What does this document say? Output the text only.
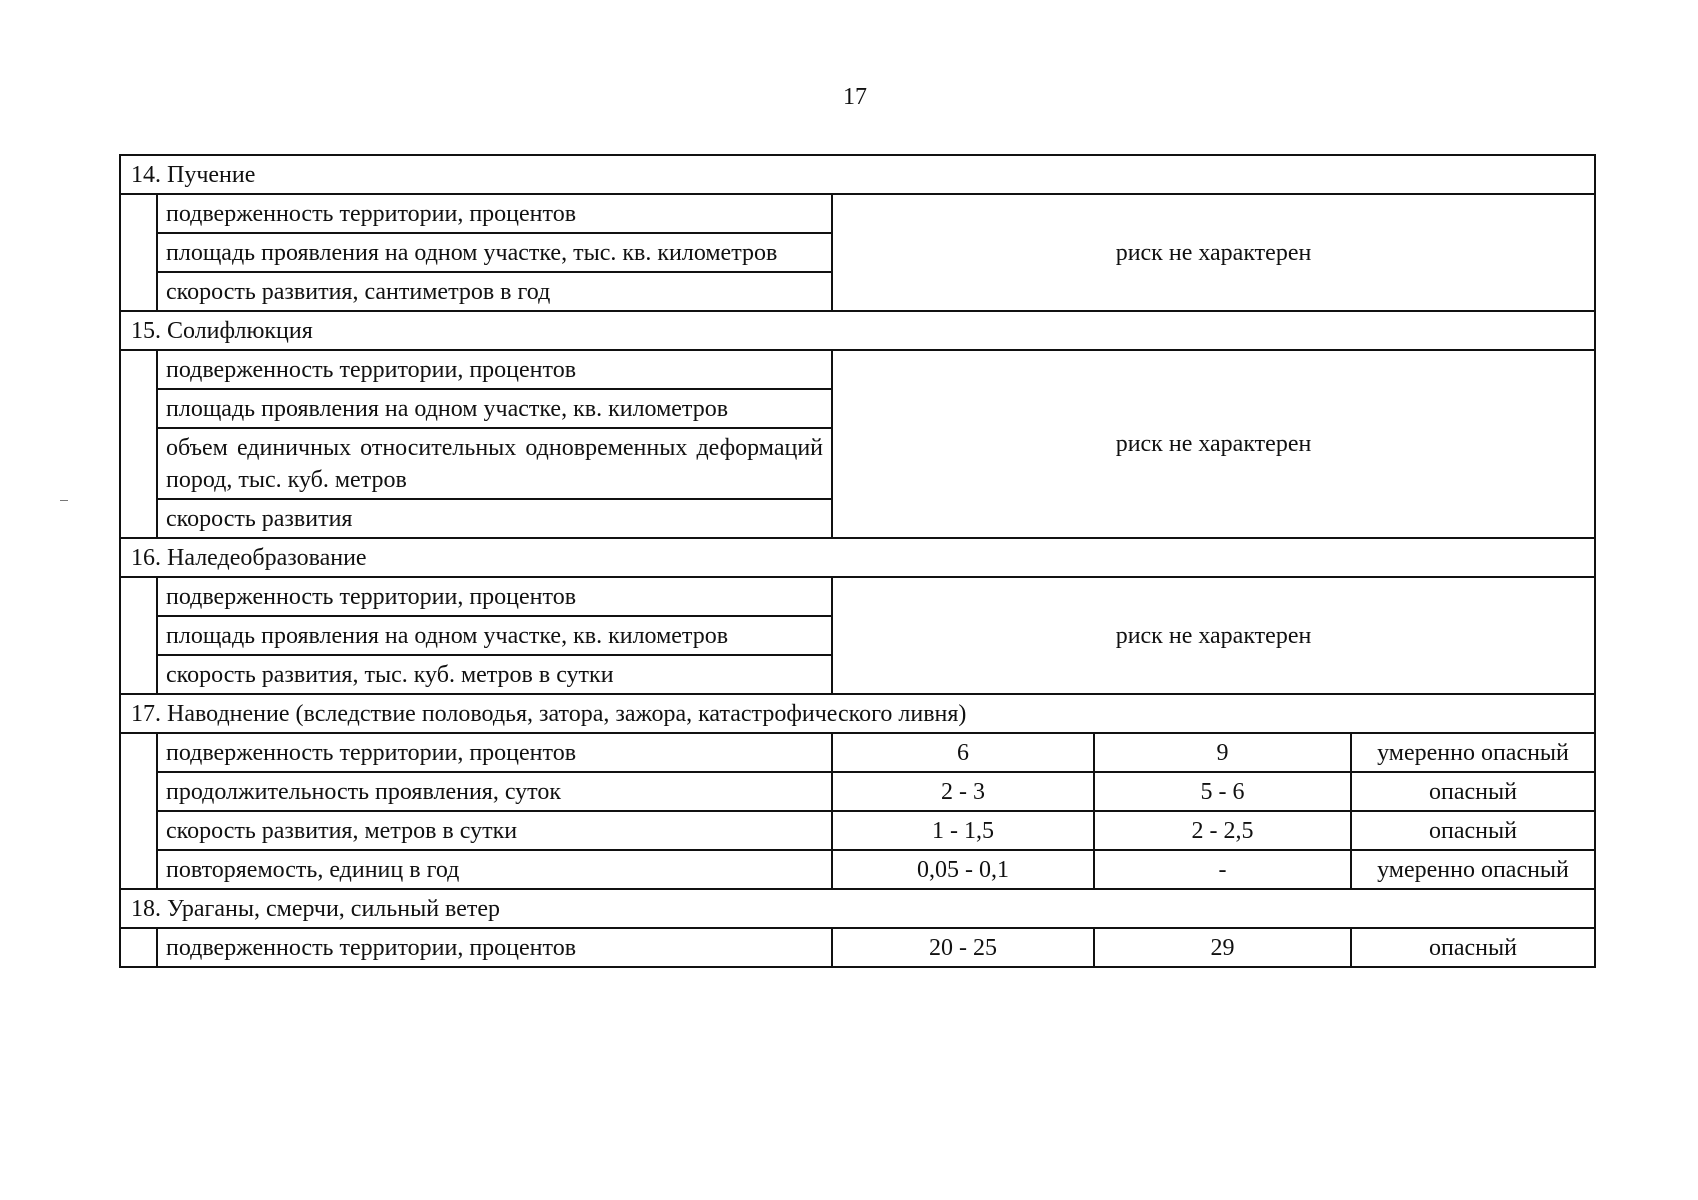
17
14. Пучение				
	подверженность территории, процентов	риск не характерен		
	площадь проявления на одном участке, тыс. кв. километров			
	скорость развития, сантиметров в год			
15. Солифлюкция				
	подверженность территории, процентов	риск не характерен		
	площадь проявления на одном участке, кв. километров			
	объем единичных относительных одновременных деформаций пород, тыс. куб. метров			
	скорость развития			
16. Наледеобразование				
	подверженность территории, процентов	риск не характерен		
	площадь проявления на одном участке, кв. километров			
	скорость развития, тыс. куб. метров в сутки			
17. Наводнение (вследствие половодья, затора, зажора, катастрофического ливня)				
	подверженность территории, процентов	6	9	умеренно опасный
	продолжительность проявления, суток	2 - 3	5 - 6	опасный
	скорость развития, метров в сутки	1 - 1,5	2 - 2,5	опасный
	повторяемость, единиц в год	0,05 - 0,1	-	умеренно опасный
18. Ураганы, смерчи, сильный ветер				
	подверженность территории, процентов	20 - 25	29	опасный
